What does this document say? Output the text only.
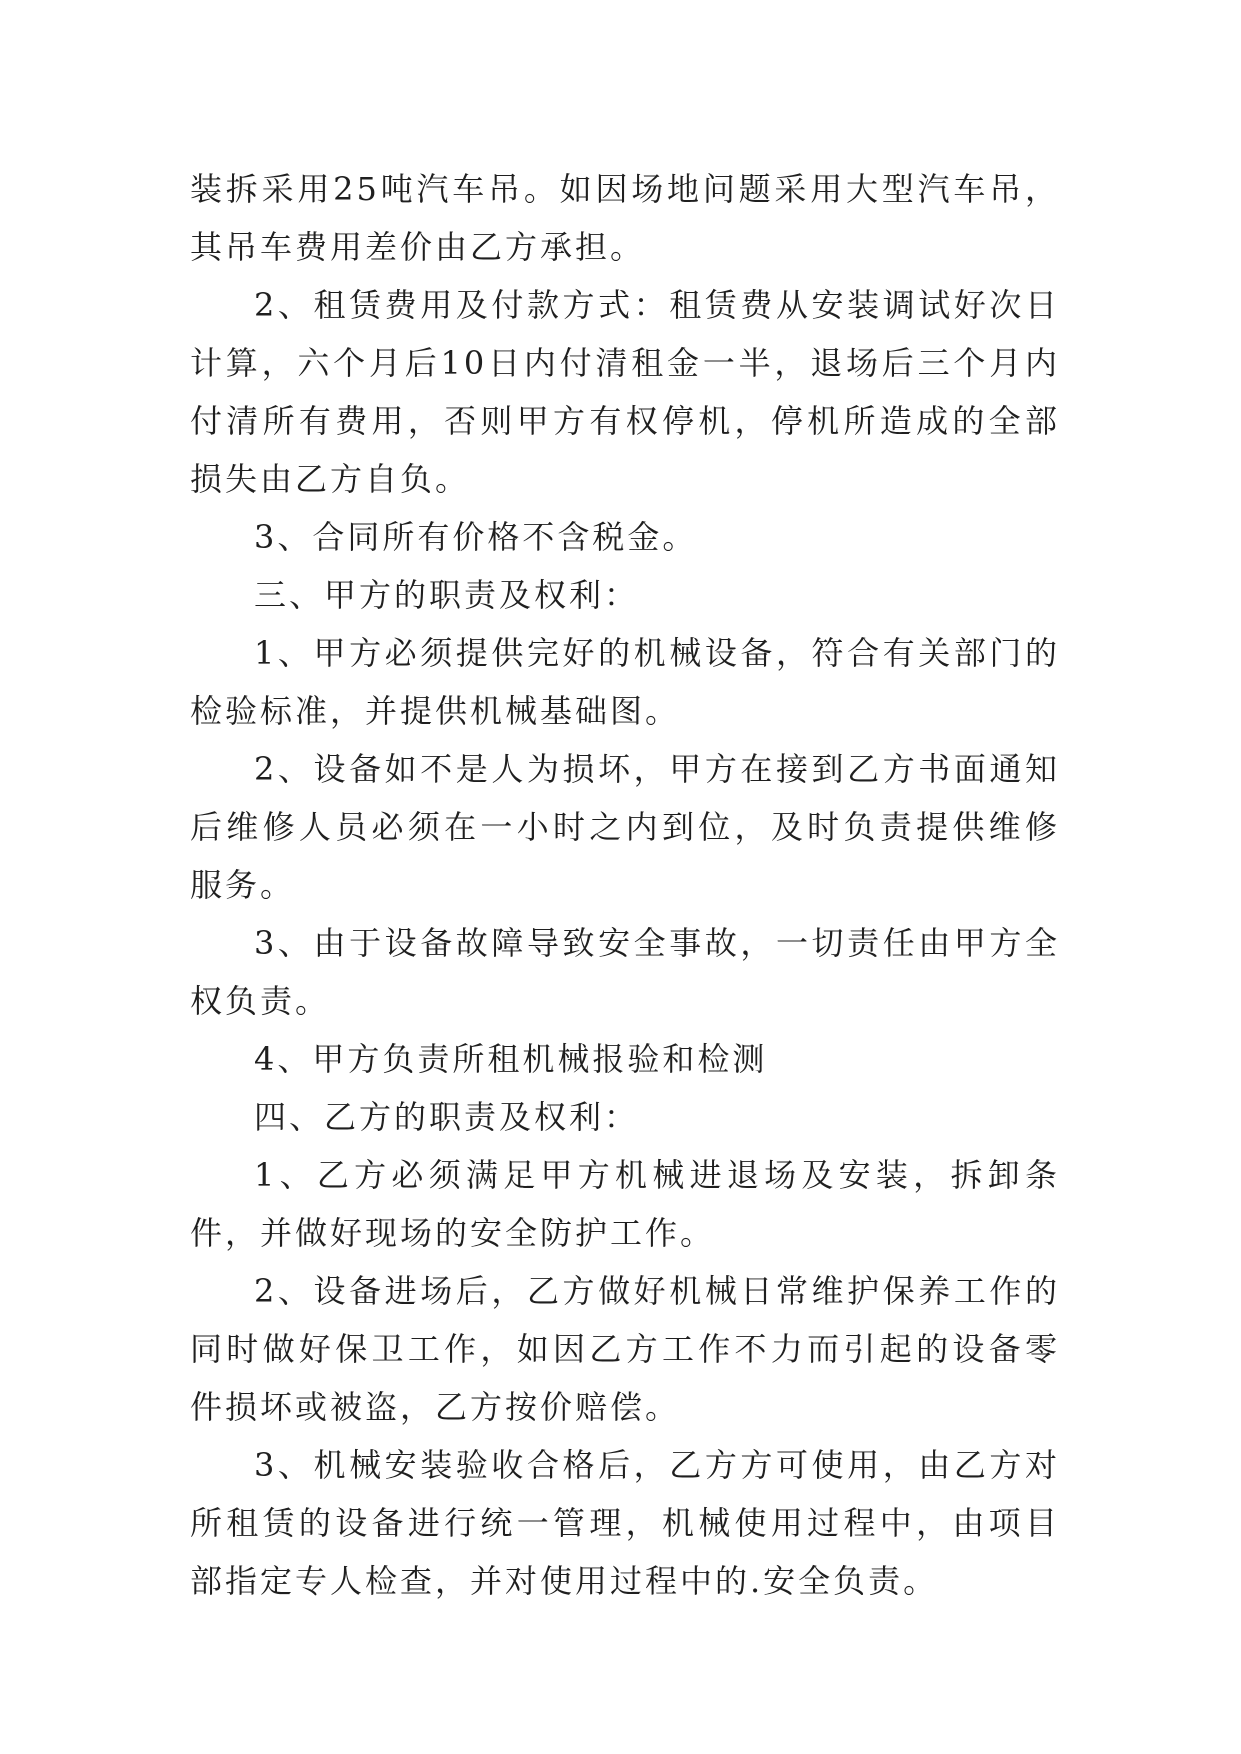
装拆采用25吨汽车吊。如因场地问题采用大型汽车吊，其吊车费用差价由乙方承担。

2、租赁费用及付款方式：租赁费从安装调试好次日计算，六个月后10日内付清租金一半，退场后三个月内付清所有费用，否则甲方有权停机，停机所造成的全部损失由乙方自负。

3、合同所有价格不含税金。

三、甲方的职责及权利：

1、甲方必须提供完好的机械设备，符合有关部门的检验标准，并提供机械基础图。

2、设备如不是人为损坏，甲方在接到乙方书面通知后维修人员必须在一小时之内到位，及时负责提供维修服务。

3、由于设备故障导致安全事故，一切责任由甲方全权负责。

4、甲方负责所租机械报验和检测

四、乙方的职责及权利：

1、乙方必须满足甲方机械进退场及安装，拆卸条件，并做好现场的安全防护工作。

2、设备进场后，乙方做好机械日常维护保养工作的同时做好保卫工作，如因乙方工作不力而引起的设备零件损坏或被盗，乙方按价赔偿。

3、机械安装验收合格后，乙方方可使用，由乙方对所租赁的设备进行统一管理，机械使用过程中，由项目部指定专人检查，并对使用过程中的.安全负责。
